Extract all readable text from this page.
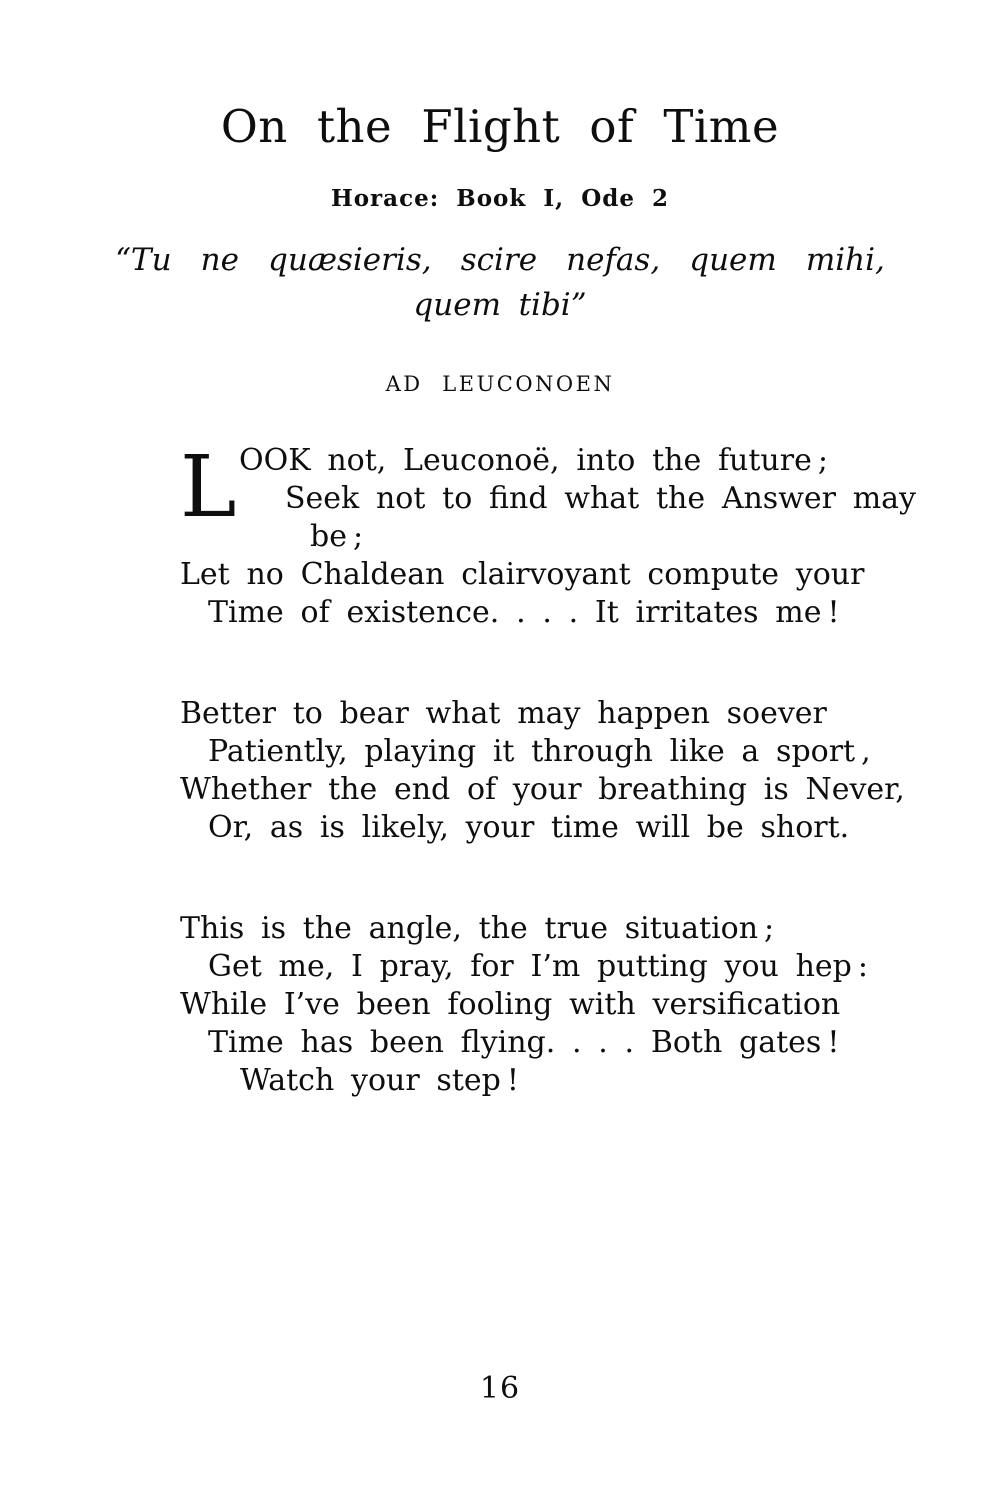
On the Flight of Time
Horace: Book I, Ode 2
“Tu ne quæsieris, scire nefas, quem mihi,
quem tibi”
AD LEUCONOEN
L OOK not, Leuconoë, into the future ;
Seek not to find what the Answer may
be ;
Let no Chaldean clairvoyant compute your
Time of existence. . . . It irritates me !
Better to bear what may happen soever
Patiently, playing it through like a sport ,
Whether the end of your breathing is Never,
Or, as is likely, your time will be short.
This is the angle, the true situation ;
Get me, I pray, for I’m putting you hep :
While I’ve been fooling with versification
Time has been flying. . . . Both gates !
Watch your step !
16
